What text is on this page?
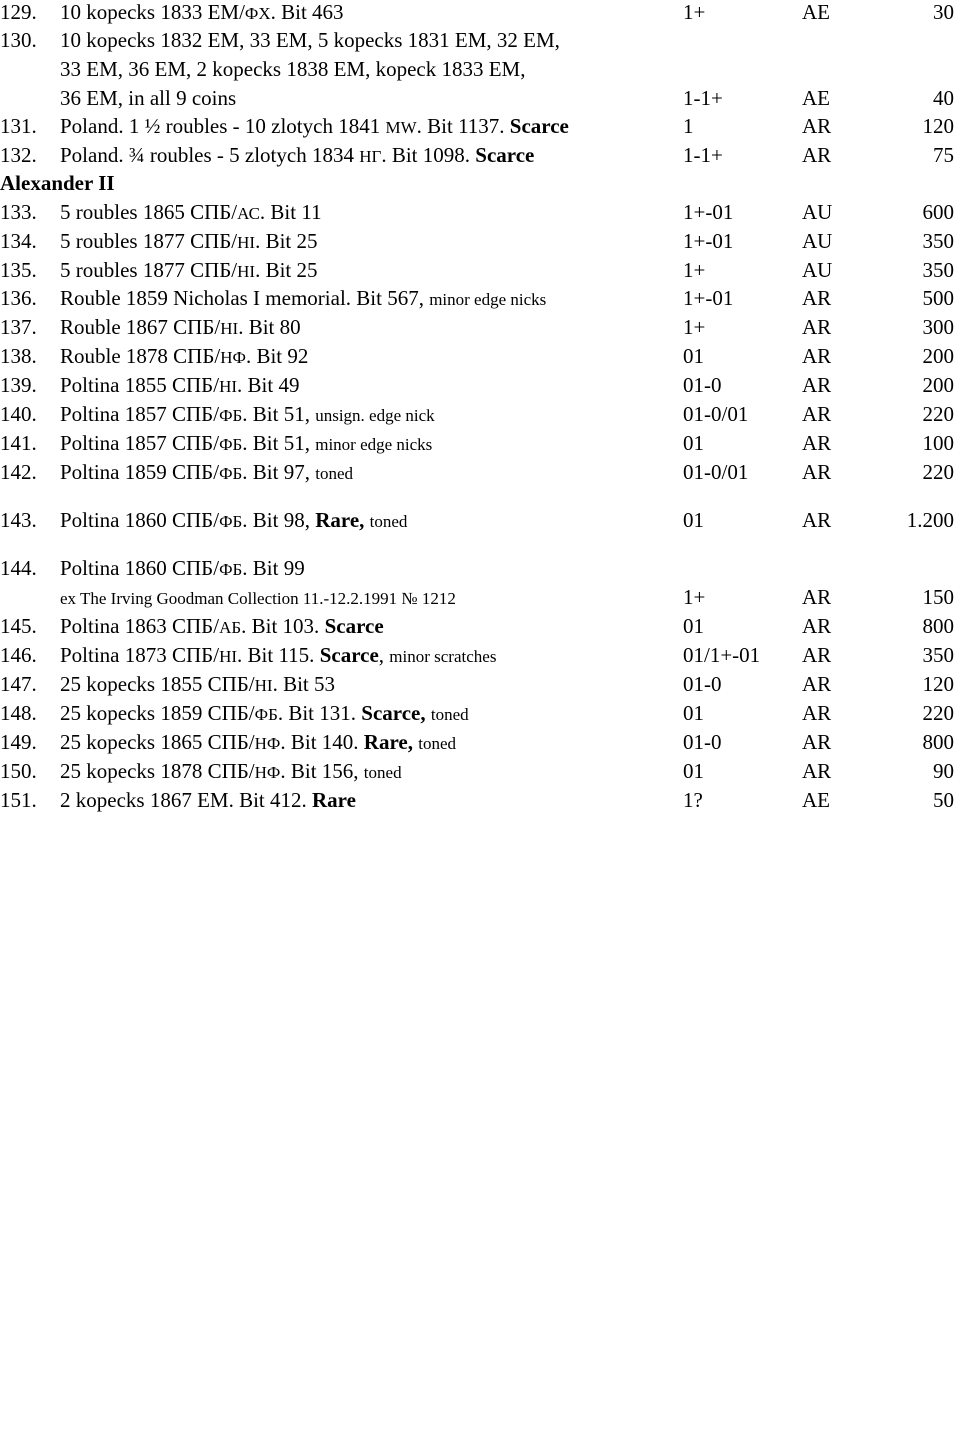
129. 10 kopecks 1833 EM/ФХ. Bit 463	1+	AE	30
130. 10 kopecks 1832 EM, 33 EM, 5 kopecks 1831 EM, 32 EM,
33 EM, 36 EM, 2 kopecks 1838 EM, kopeck 1833 EM,
36 EM, in all 9 coins	1-1+	AE	40
131. Poland. 1 ½ roubles - 10 zlotych 1841 MW. Bit 1137. Scarce	1	AR	120
132. Poland. ¾ roubles - 5 zlotych 1834 НГ. Bit 1098. Scarce	1-1+	AR	75
Alexander II
133. 5 roubles 1865 СПБ/АС. Bit 11	1+-01	AU	600
134. 5 roubles 1877 СПБ/НІ. Bit 25	1+-01	AU	350
135. 5 roubles 1877 СПБ/НІ. Bit 25	1+	AU	350
136. Rouble 1859 Nicholas I memorial. Bit 567, minor edge nicks	1+-01	AR	500
137. Rouble 1867 СПБ/НІ. Bit 80	1+	AR	300
138. Rouble 1878 СПБ/НФ. Bit 92	01	AR	200
139. Poltina 1855 СПБ/НІ. Bit 49	01-0	AR	200
140. Poltina 1857 СПБ/ФБ. Bit 51, unsign. edge nick	01-0/01	AR	220
141. Poltina 1857 СПБ/ФБ. Bit 51, minor edge nicks	01	AR	100
142. Poltina 1859 СПБ/ФБ. Bit 97, toned	01-0/01	AR	220
143. Poltina 1860 СПБ/ФБ. Bit 98, Rare, toned	01	AR	1.200
144. Poltina 1860 СПБ/ФБ. Bit 99
ex The Irving Goodman Collection 11.-12.2.1991 № 1212	1+	AR	150
145. Poltina 1863 СПБ/АБ. Bit 103. Scarce	01	AR	800
146. Poltina 1873 СПБ/НІ. Bit 115. Scarce, minor scratches	01/1+-01 AR	350
147. 25 kopecks 1855 СПБ/НІ. Bit 53	01-0	AR	120
148. 25 kopecks 1859 СПБ/ФБ. Bit 131. Scarce, toned	01	AR	220
149. 25 kopecks 1865 СПБ/НФ. Bit 140. Rare, toned	01-0	AR	800
150. 25 kopecks 1878 СПБ/НФ. Bit 156, toned	01	AR	90
151. 2 kopecks 1867 EM. Bit 412. Rare	1?	AE	50
